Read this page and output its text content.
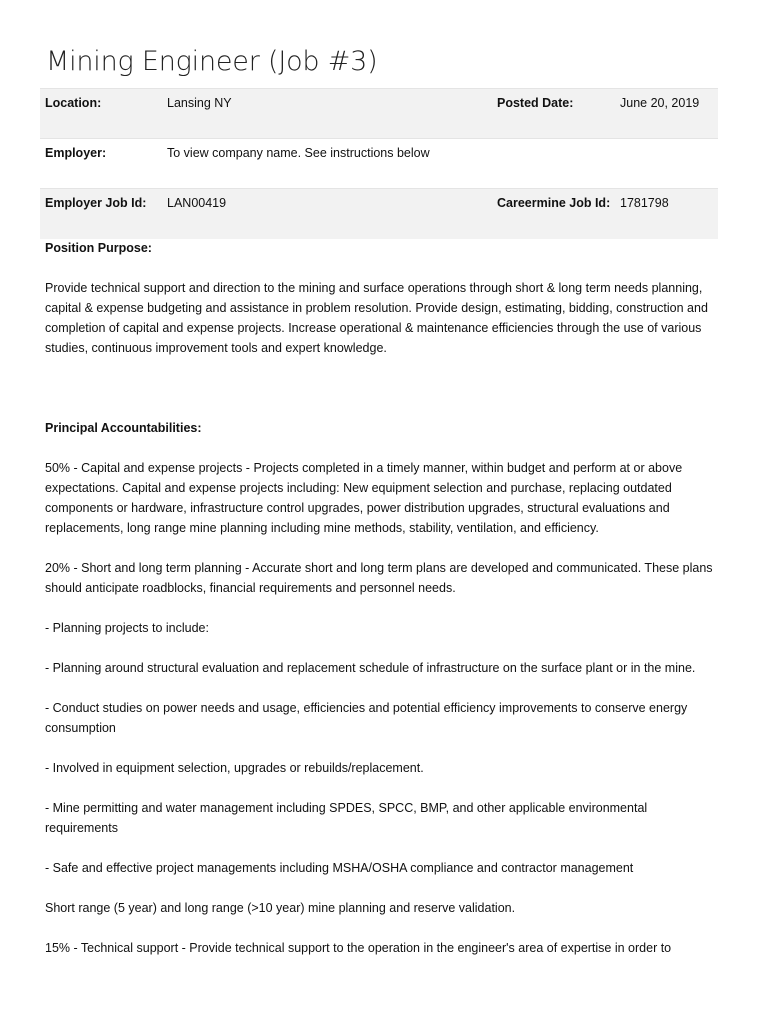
Mining Engineer (Job #3)
Location:	Lansing NY	Posted Date:	June 20, 2019
Employer:	To view company name. See instructions below		
Employer Job Id:	LAN00419	Careermine Job Id:	1781798

Position Purpose:

Provide technical support and direction to the mining and surface operations through short & long term needs planning, capital & expense budgeting and assistance in problem resolution. Provide design, estimating, bidding, construction and completion of capital and expense projects. Increase operational & maintenance efficiencies through the use of various studies, continuous improvement tools and expert knowledge.

Principal Accountabilities:

50% - Capital and expense projects - Projects completed in a timely manner, within budget and perform at or above expectations. Capital and expense projects including: New equipment selection and purchase, replacing outdated components or hardware, infrastructure control upgrades, power distribution upgrades, structural evaluations and replacements, long range mine planning including mine methods, stability, ventilation, and efficiency.

20% - Short and long term planning - Accurate short and long term plans are developed and communicated. These plans should anticipate roadblocks, financial requirements and personnel needs.

- Planning projects to include:

- Planning around structural evaluation and replacement schedule of infrastructure on the surface plant or in the mine.

- Conduct studies on power needs and usage, efficiencies and potential efficiency improvements to conserve energy consumption

- Involved in equipment selection, upgrades or rebuilds/replacement.

- Mine permitting and water management including SPDES, SPCC, BMP, and other applicable environmental requirements

- Safe and effective project managements including MSHA/OSHA compliance and contractor management

Short range (5 year) and long range (>10 year) mine planning and reserve validation.

15% - Technical support - Provide technical support to the operation in the engineer's area of expertise in order to
